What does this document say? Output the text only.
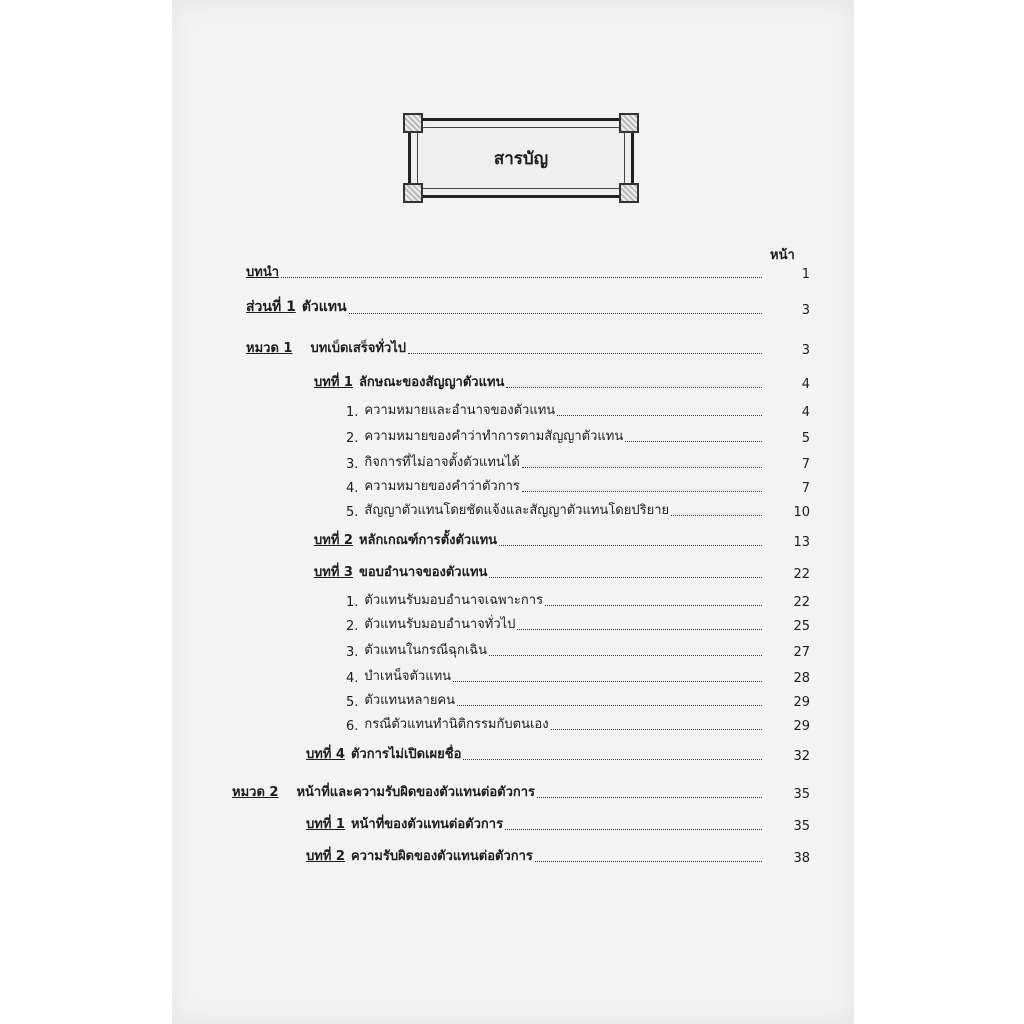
สารบัญ
หน้า
บทนำ	1
ส่วนที่ 1 ตัวแทน	3
หมวด 1	บทเบ็ดเสร็จทั่วไป	3
บทที่ 1 ลักษณะของสัญญาตัวแทน	4
1. ความหมายและอำนาจของตัวแทน	4
2. ความหมายของคำว่าทำการตามสัญญาตัวแทน	5
3. กิจการที่ไม่อาจตั้งตัวแทนได้	7
4. ความหมายของคำว่าตัวการ	7
5. สัญญาตัวแทนโดยชัดแจ้งและสัญญาตัวแทนโดยปริยาย	10
บทที่ 2 หลักเกณฑ์การตั้งตัวแทน	13
บทที่ 3 ขอบอำนาจของตัวแทน	22
1. ตัวแทนรับมอบอำนาจเฉพาะการ	22
2. ตัวแทนรับมอบอำนาจทั่วไป	25
3. ตัวแทนในกรณีฉุกเฉิน	27
4. บำเหน็จตัวแทน	28
5. ตัวแทนหลายคน	29
6. กรณีตัวแทนทำนิติกรรมกับตนเอง	29
บทที่ 4 ตัวการไม่เปิดเผยชื่อ	32
หมวด 2	หน้าที่และความรับผิดของตัวแทนต่อตัวการ	35
บทที่ 1 หน้าที่ของตัวแทนต่อตัวการ	35
บทที่ 2 ความรับผิดของตัวแทนต่อตัวการ	38
